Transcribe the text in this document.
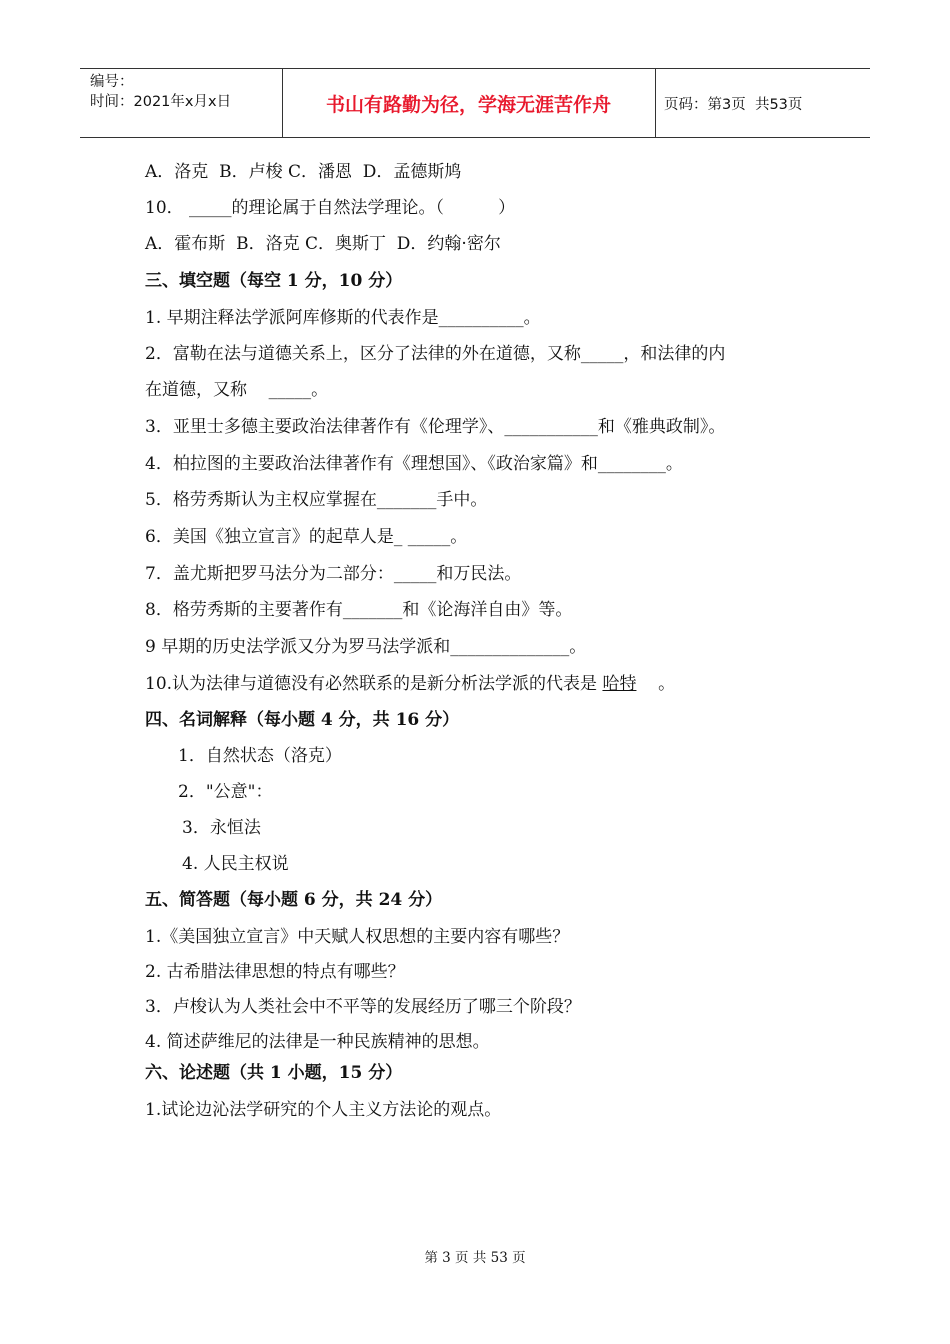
编号：
时间：2021年x月x日	书山有路勤为径，学海无涯苦作舟	页码：第3页  共53页
A．洛克  B．卢梭 C．潘恩  D．孟德斯鸠
10． _____的理论属于自然法学理论。（          ）
A．霍布斯  B．洛克 C．奥斯丁  D．约翰·密尔
三、填空题（每空 1 分，10 分）
1. 早期注释法学派阿库修斯的代表作是__________。
2．富勒在法与道德关系上，区分了法律的外在道德，又称_____，和法律的内
在道德，又称    _____。
3．亚里士多德主要政治法律著作有《伦理学》、___________和《雅典政制》。
4．柏拉图的主要政治法律著作有《理想国》、《政治家篇》和________。
5．格劳秀斯认为主权应掌握在_______手中。
6．美国《独立宣言》的起草人是_ _____。
7．盖尤斯把罗马法分为二部分：_____和万民法。
8．格劳秀斯的主要著作有_______和《论海洋自由》等。
9 早期的历史法学派又分为罗马法学派和______________。
10.认为法律与道德没有必然联系的是新分析法学派的代表是 哈特    。
四、名词解释（每小题 4 分，共 16 分）
1．自然状态（洛克）
2．"公意"：
3．永恒法
4. 人民主权说
五、简答题（每小题 6 分，共 24 分）
1.《美国独立宣言》中天赋人权思想的主要内容有哪些？
2. 古希腊法律思想的特点有哪些？
3．卢梭认为人类社会中不平等的发展经历了哪三个阶段？
4. 简述萨维尼的法律是一种民族精神的思想。
六、论述题（共 1 小题，15 分）
1.试论边沁法学研究的个人主义方法论的观点。
第 3 页 共 53 页
